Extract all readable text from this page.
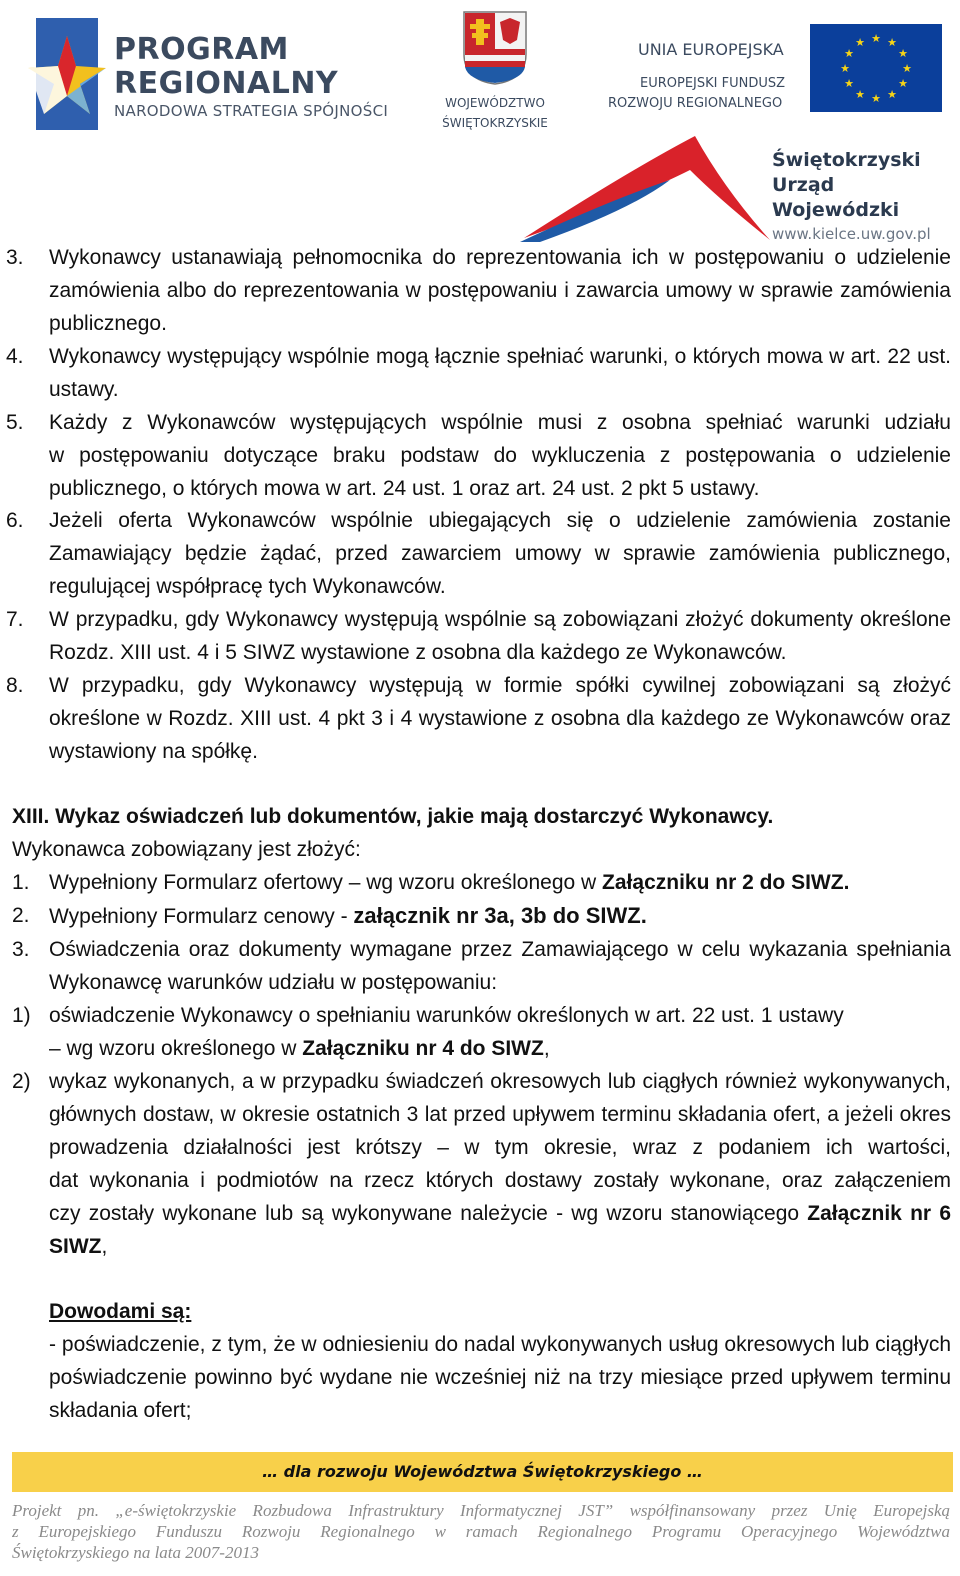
PROGRAM
REGIONALNY
NARODOWA STRATEGIA SPÓJNOŚCI	WOJEWÓDZTWO
ŚWIĘTOKRZYSKIE
UNIA EUROPEJSKA
EUROPEJSKI FUNDUSZ
ROZWOJU REGIONALNEGO
★ ★
★
★
★
★
★
★
★
★
★
★
Świętokrzyski
Urząd Wojewódzki
www.kielce.uw.gov.pl
3. Wykonawcy ustanawiają pełnomocnika do reprezentowania ich w postępowaniu o udzielenie
zamówienia albo do reprezentowania w postępowaniu i zawarcia umowy w sprawie zamówienia
publicznego.
4. Wykonawcy występujący wspólnie mogą łącznie spełniać warunki, o których mowa w art. 22 ust.
ustawy.
5. Każdy z Wykonawców występujących wspólnie musi z osobna spełniać warunki udziału
w postępowaniu dotyczące braku podstaw do wykluczenia z postępowania o udzielenie
publicznego, o których mowa w art. 24 ust. 1 oraz art. 24 ust. 2 pkt 5 ustawy.
6. Jeżeli oferta Wykonawców wspólnie ubiegających się o udzielenie zamówienia zostanie
Zamawiający będzie żądać, przed zawarciem umowy w sprawie zamówienia publicznego,
regulującej współpracę tych Wykonawców.
7. W przypadku, gdy Wykonawcy występują wspólnie są zobowiązani złożyć dokumenty określone
Rozdz. XIII ust. 4 i 5 SIWZ wystawione z osobna dla każdego ze Wykonawców.
8. W przypadku, gdy Wykonawcy występują w formie spółki cywilnej zobowiązani są złożyć
określone w Rozdz. XIII ust. 4 pkt 3 i 4 wystawione z osobna dla każdego ze Wykonawców oraz
wystawiony na spółkę.
XIII. Wykaz oświadczeń lub dokumentów, jakie mają dostarczyć Wykonawcy.
Wykonawca zobowiązany jest złożyć:
1. Wypełniony Formularz ofertowy – wg wzoru określonego w Załączniku nr 2 do SIWZ.
2. Wypełniony Formularz cenowy - załącznik nr 3a, 3b do SIWZ.
3. Oświadczenia oraz dokumenty wymagane przez Zamawiającego w celu wykazania spełniania
Wykonawcę warunków udziału w postępowaniu:
1) oświadczenie Wykonawcy o spełnianiu warunków określonych w art. 22 ust. 1 ustawy
– wg wzoru określonego w Załączniku nr 4 do SIWZ,
2) wykaz wykonanych, a w przypadku świadczeń okresowych lub ciągłych również wykonywanych,
głównych dostaw, w okresie ostatnich 3 lat przed upływem terminu składania ofert, a jeżeli okres
prowadzenia działalności jest krótszy – w tym okresie, wraz z podaniem ich wartości,
dat wykonania i podmiotów na rzecz których dostawy zostały wykonane, oraz załączeniem
czy zostały wykonane lub są wykonywane należycie - wg wzoru stanowiącego Załącznik nr 6
SIWZ,
Dowodami są:
- poświadczenie, z tym, że w odniesieniu do nadal wykonywanych usług okresowych lub ciągłych
poświadczenie powinno być wydane nie wcześniej niż na trzy miesiące przed upływem terminu
składania ofert;
… dla rozwoju Województwa Świętokrzyskiego …
Projekt pn. „e-świętokrzyskie Rozbudowa Infrastruktury Informatycznej JST” współfinansowany przez Unię Europejską
z Europejskiego Funduszu Rozwoju Regionalnego w ramach Regionalnego Programu Operacyjnego Województwa
Świętokrzyskiego na lata 2007-2013
